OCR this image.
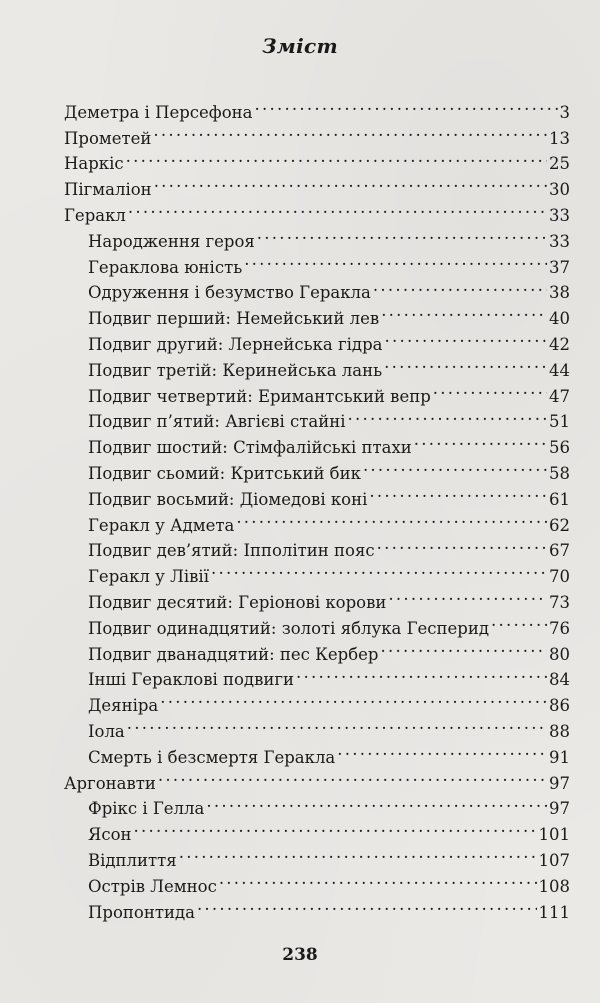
Зміст
Деметра і Персефона . . .	3
Прометей . . .	13
Наркіс . . .	25
Пігмаліон . . .	30
Геракл . . .	33
Народження героя . . .	33
Гераклова юність . . .	37
Одруження і безумство Геракла . . .	38
Подвиг перший: Немейський лев . . .	40
Подвиг другий: Лернейська гідра . . .	42
Подвиг третій: Керинейська лань . . .	44
Подвиг четвертий: Еримантський вепр . . .	47
Подвиг п’ятий: Авгієві стайні . . .	51
Подвиг шостий: Стімфалійські птахи . . .	56
Подвиг сьомий: Критський бик . . .	58
Подвиг восьмий: Діомедові коні . . .	61
Геракл у Адмета . . .	62
Подвиг дев’ятий: Іпполітин пояс . . .	67
Геракл у Лівії . . .	70
Подвиг десятий: Геріонові корови . . .	73
Подвиг одинадцятий: золоті яблука Гесперид . . .	76
Подвиг дванадцятий: пес Кербер . . .	80
Інші Гераклові подвиги . . .	84
Деяніра . . .	86
Іола . . .	88
Смерть і безсмертя Геракла . . .	91
Аргонавти . . .	97
Фрікс і Гелла . . .	97
Ясон . . .	101
Відплиття . . .	107
Острів Лемнос . . .	108
Пропонтида . . .	111
238
